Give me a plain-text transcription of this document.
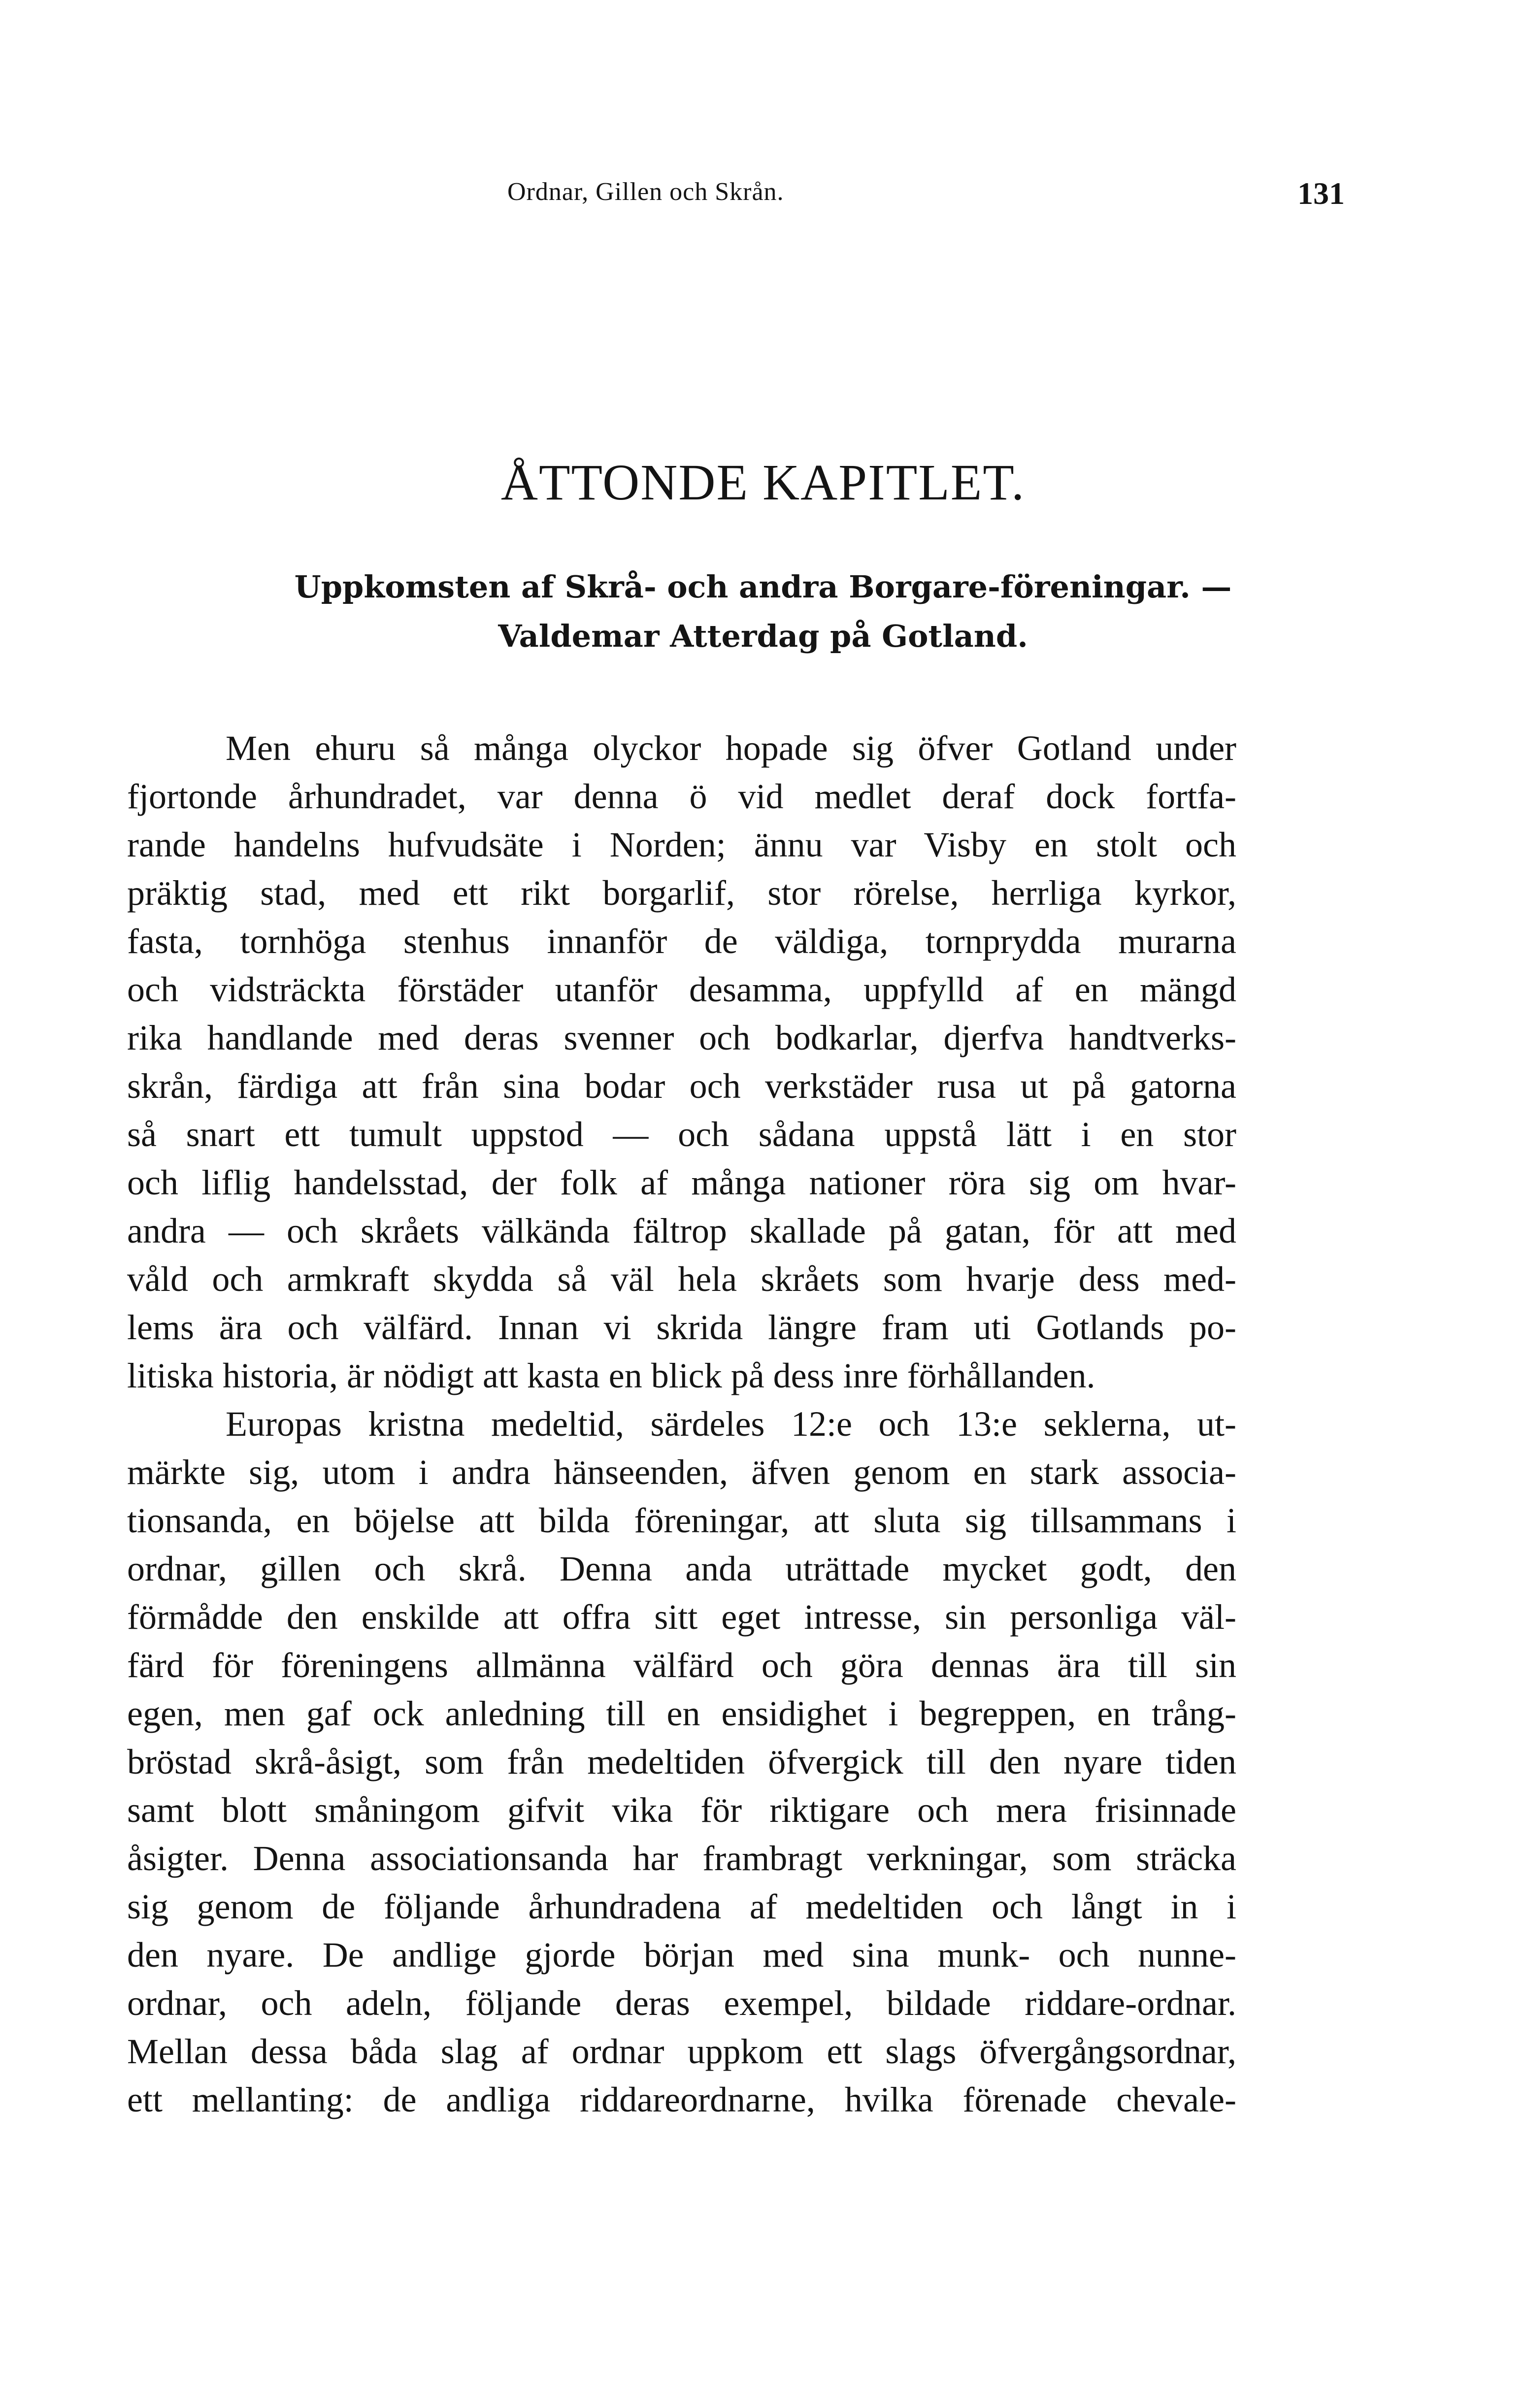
Ordnar, Gillen och Skrån.	131
ÅTTONDE KAPITLET.
Uppkomsten af Skrå- och andra Borgare-föreningar. —
Valdemar Atterdag på Gotland.
Men ehuru så många olyckor hopade sig öfver Gotland under
fjortonde århundradet, var denna ö vid medlet deraf dock fortfa-
rande handelns hufvudsäte i Norden; ännu var Visby en stolt och
präktig stad, med ett rikt borgarlif, stor rörelse, herrliga kyrkor,
fasta, tornhöga stenhus innanför de väldiga, tornprydda murarna
och vidsträckta förstäder utanför desamma, uppfylld af en mängd
rika handlande med deras svenner och bodkarlar, djerfva handtverks-
skrån, färdiga att från sina bodar och verkstäder rusa ut på gatorna
så snart ett tumult uppstod — och sådana uppstå lätt i en stor
och liflig handelsstad, der folk af många nationer röra sig om hvar-
andra — och skråets välkända fältrop skallade på gatan, för att med
våld och armkraft skydda så väl hela skråets som hvarje dess med-
lems ära och välfärd. Innan vi skrida längre fram uti Gotlands po-
litiska historia, är nödigt att kasta en blick på dess inre förhållanden.
Europas kristna medeltid, särdeles 12:e och 13:e seklerna, ut-
märkte sig, utom i andra hänseenden, äfven genom en stark associa-
tionsanda, en böjelse att bilda föreningar, att sluta sig tillsammans i
ordnar, gillen och skrå. Denna anda uträttade mycket godt, den
förmådde den enskilde att offra sitt eget intresse, sin personliga väl-
färd för föreningens allmänna välfärd och göra dennas ära till sin
egen, men gaf ock anledning till en ensidighet i begreppen, en trång-
bröstad skrå-åsigt, som från medeltiden öfvergick till den nyare tiden
samt blott småningom gifvit vika för riktigare och mera frisinnade
åsigter. Denna associationsanda har frambragt verkningar, som sträcka
sig genom de följande århundradena af medeltiden och långt in i
den nyare. De andlige gjorde början med sina munk- och nunne-
ordnar, och adeln, följande deras exempel, bildade riddare-ordnar.
Mellan dessa båda slag af ordnar uppkom ett slags öfvergångsordnar,
ett mellanting: de andliga riddareordnarne, hvilka förenade chevale-
